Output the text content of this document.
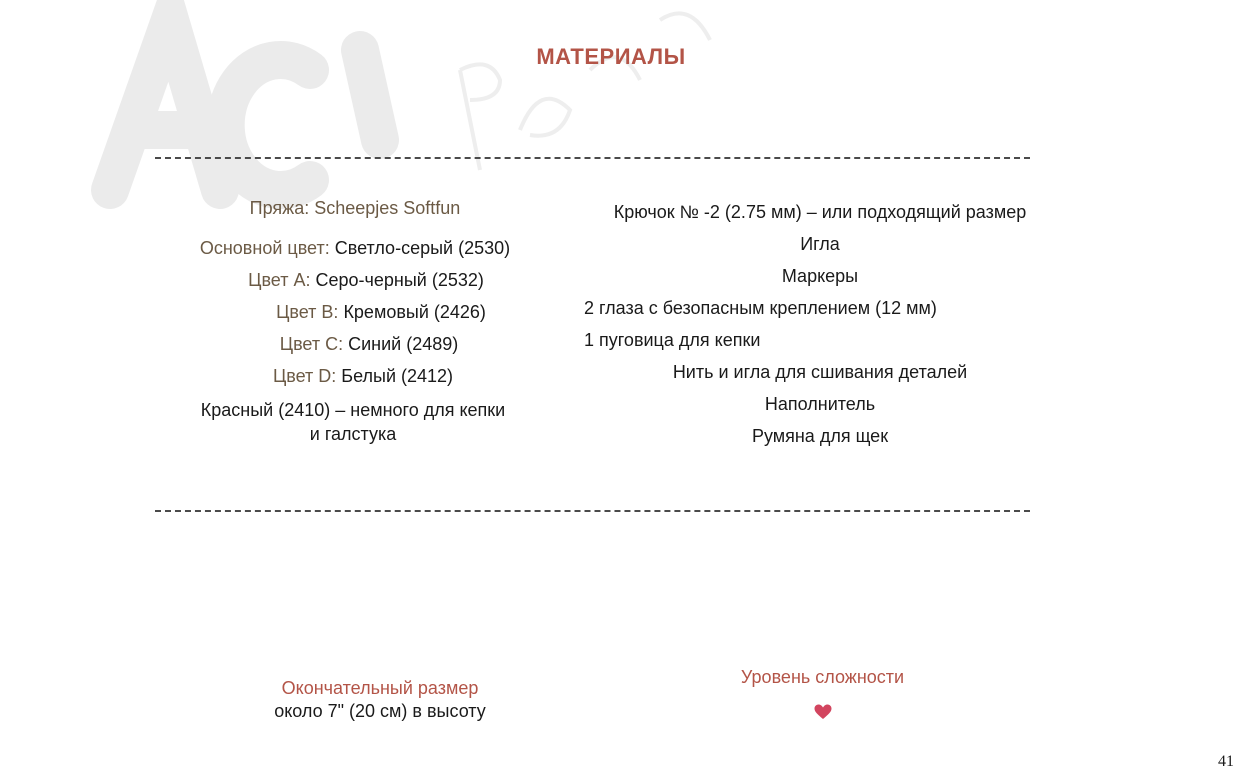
МАТЕРИАЛЫ
Пряжа: Scheepjes Softfun
Основной цвет: Светло-серый (2530)
Цвет А: Серо-черный (2532)
Цвет В: Кремовый (2426)
Цвет С: Синий (2489)
Цвет D: Белый (2412)
Красный (2410) – немного для кепки и галстука
Крючок № -2 (2.75 мм) – или подходящий размер
Игла
Маркеры
2 глаза с безопасным креплением (12 мм)
1 пуговица для кепки
Нить и игла для сшивания деталей
Наполнитель
Румяна для щек
Окончательный размер
около 7" (20 см) в высоту
Уровень сложности
41
